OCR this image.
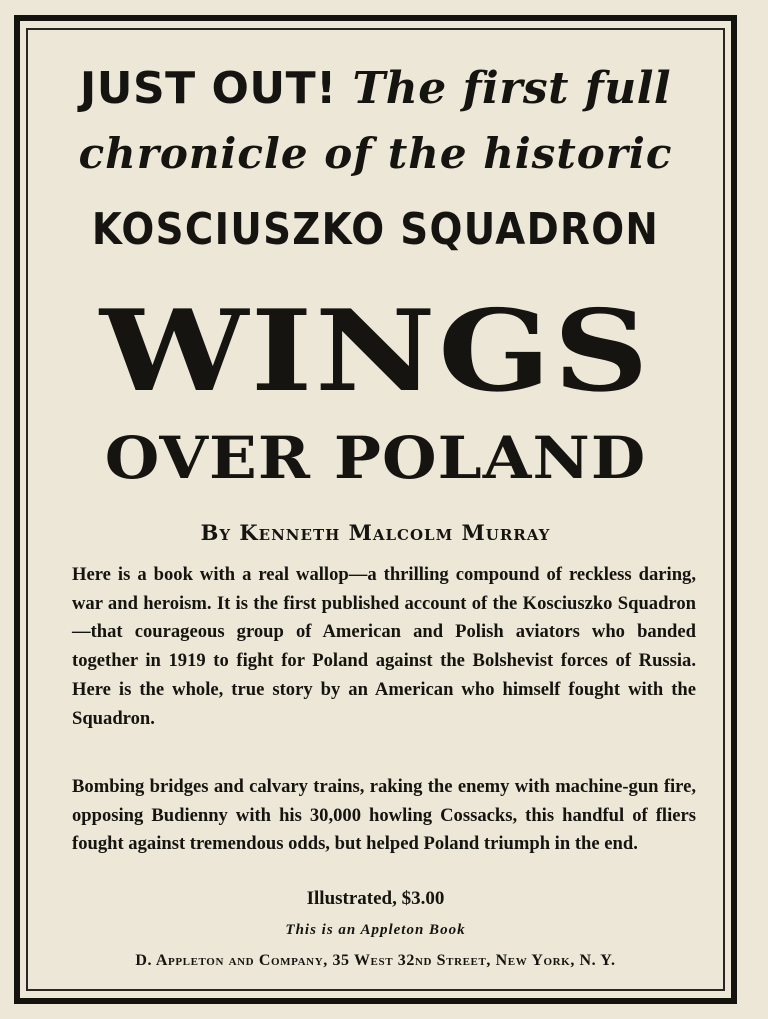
JUST OUT! The first full
chronicle of the historic
KOSCIUSZKO SQUADRON
WINGS
OVER POLAND
By Kenneth Malcolm Murray
Here is a book with a real wallop—a thrilling compound of reckless daring, war and heroism. It is the first published account of the Kosciuszko Squadron—that courageous group of American and Polish aviators who banded together in 1919 to fight for Poland against the Bolshevist forces of Russia. Here is the whole, true story by an American who himself fought with the Squadron.
Bombing bridges and calvary trains, raking the enemy with machine-gun fire, opposing Budienny with his 30,000 howling Cossacks, this handful of fliers fought against tremendous odds, but helped Poland triumph in the end.
Illustrated, $3.00
This is an Appleton Book
D. Appleton and Company, 35 West 32nd Street, New York, N. Y.
